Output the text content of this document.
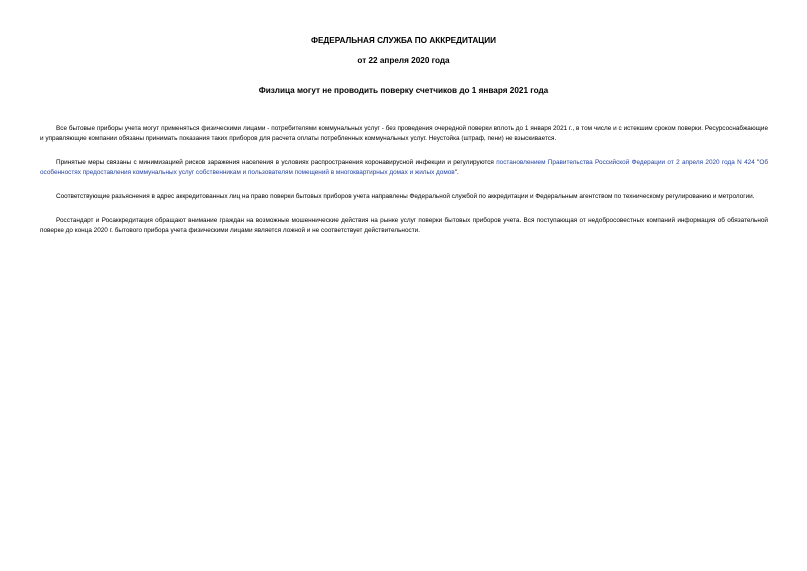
ФЕДЕРАЛЬНАЯ СЛУЖБА ПО АККРЕДИТАЦИИ
от 22 апреля 2020 года
Физлица могут не проводить поверку счетчиков до 1 января 2021 года

Все бытовые приборы учета могут применяться физическими лицами - потребителями коммунальных услуг - без проведения очередной поверки вплоть до 1 января 2021 г., в том числе и с истекшим сроком поверки. Ресурсоснабжающие и управляющие компании обязаны принимать показания таких приборов для расчета оплаты потребленных коммунальных услуг. Неустойка (штраф, пени) не взыскивается.

Принятые меры связаны с минимизацией рисков заражения населения в условиях распространения коронавирусной инфекции и регулируются постановлением Правительства Российской Федерации от 2 апреля 2020 года N 424 "Об особенностях предоставления коммунальных услуг собственникам и пользователям помещений в многоквартирных домах и жилых домов".

Соответствующие разъяснения в адрес аккредитованных лиц на право поверки бытовых приборов учета направлены Федеральной службой по аккредитации и Федеральным агентством по техническому регулированию и метрологии.

Росстандарт и Росаккредитация обращают внимание граждан на возможные мошеннические действия на рынке услуг поверки бытовых приборов учета. Вся поступающая от недобросовестных компаний информация об обязательной поверке до конца 2020 г. бытового прибора учета физическими лицами является ложной и не соответствует действительности.
